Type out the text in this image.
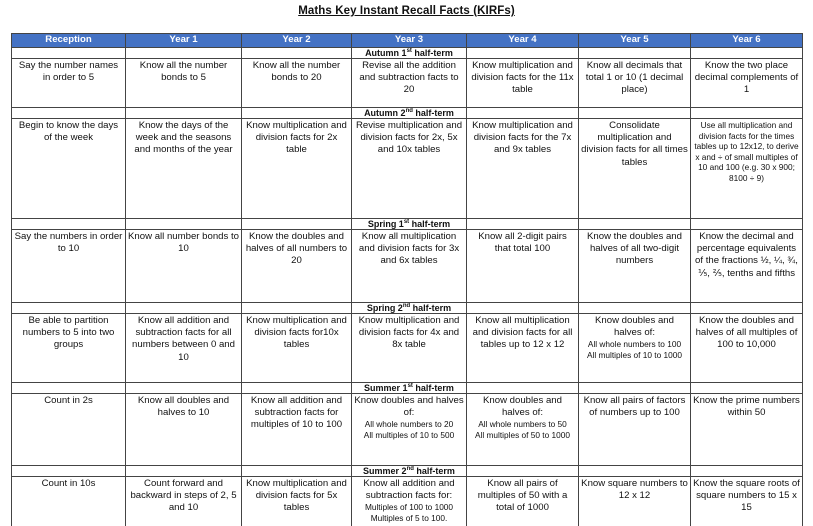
Maths Key Instant Recall Facts (KIRFs)
Reception	Year 1	Year 2	Year 3	Year 4	Year 5	Year 6
			Autumn 1st half-term			

Say the number names in order to 5	Know all the number bonds to 5	Know all the number bonds to 20	Revise all the addition and subtraction facts to 20	Know multiplication and division facts for the 11x table	Know all decimals that total 1 or 10 (1 decimal place)	Know the two place decimal complements of 1

			Autumn 2nd half-term			

Begin to know the days of the week	Know the days of the week and the seasons and months of the year	Know multiplication and division facts for 2x table	Revise multiplication and division facts for 2x, 5x and 10x tables	Know multiplication and division facts for the 7x and 9x tables	Consolidate multiplication and division facts for all times tables	Use all multiplication and division facts for the times tables up to 12x12, to derive x and ÷ of small multiples of 10 and 100 (e.g. 30 x 900; 8100 ÷ 9)

			Spring 1st half-term			

Say the numbers in order to 10	Know all number bonds to 10	Know the doubles and halves of all numbers to 20	Know all multiplication and division facts for 3x and 6x tables	Know all 2-digit pairs that total 100	Know the doubles and halves of all two-digit numbers	Know the decimal and percentage equivalents of the fractions ½, ¼, ¾, ⅕, ⅖, tenths and fifths

			Spring 2nd half-term			

Be able to partition numbers to 5 into two groups	Know all addition and subtraction facts for all numbers between 0 and 10	Know multiplication and division facts for10x tables	Know multiplication and division facts for 4x and 8x table	Know all multiplication and division facts for all tables up to 12 x 12	Know doubles and halves of:
All whole numbers to 100
All multiples of 10 to 1000	Know the doubles and halves of all multiples of 100 to 10,000

			Summer 1st half-term			

Count in 2s	Know all doubles and halves to 10	Know all addition and subtraction facts for multiples of 10 to 100	Know doubles and halves of:
All whole numbers to 20
All multiples of 10 to 500	Know doubles and halves of:
All whole numbers to 50
All multiples of 50 to 1000	Know all pairs of factors of numbers up to 100	Know the prime numbers within 50

			Summer 2nd half-term			

Count in 10s	Count forward and backward in steps of 2, 5 and 10	Know multiplication and division facts for 5x tables	Know all addition and subtraction facts for:
Multiples of 100 to 1000
Multiples of 5 to 100.	Know all pairs of multiples of 50 with a total of 1000	Know square numbers to 12 x 12	Know the square roots of square numbers to 15 x 15
